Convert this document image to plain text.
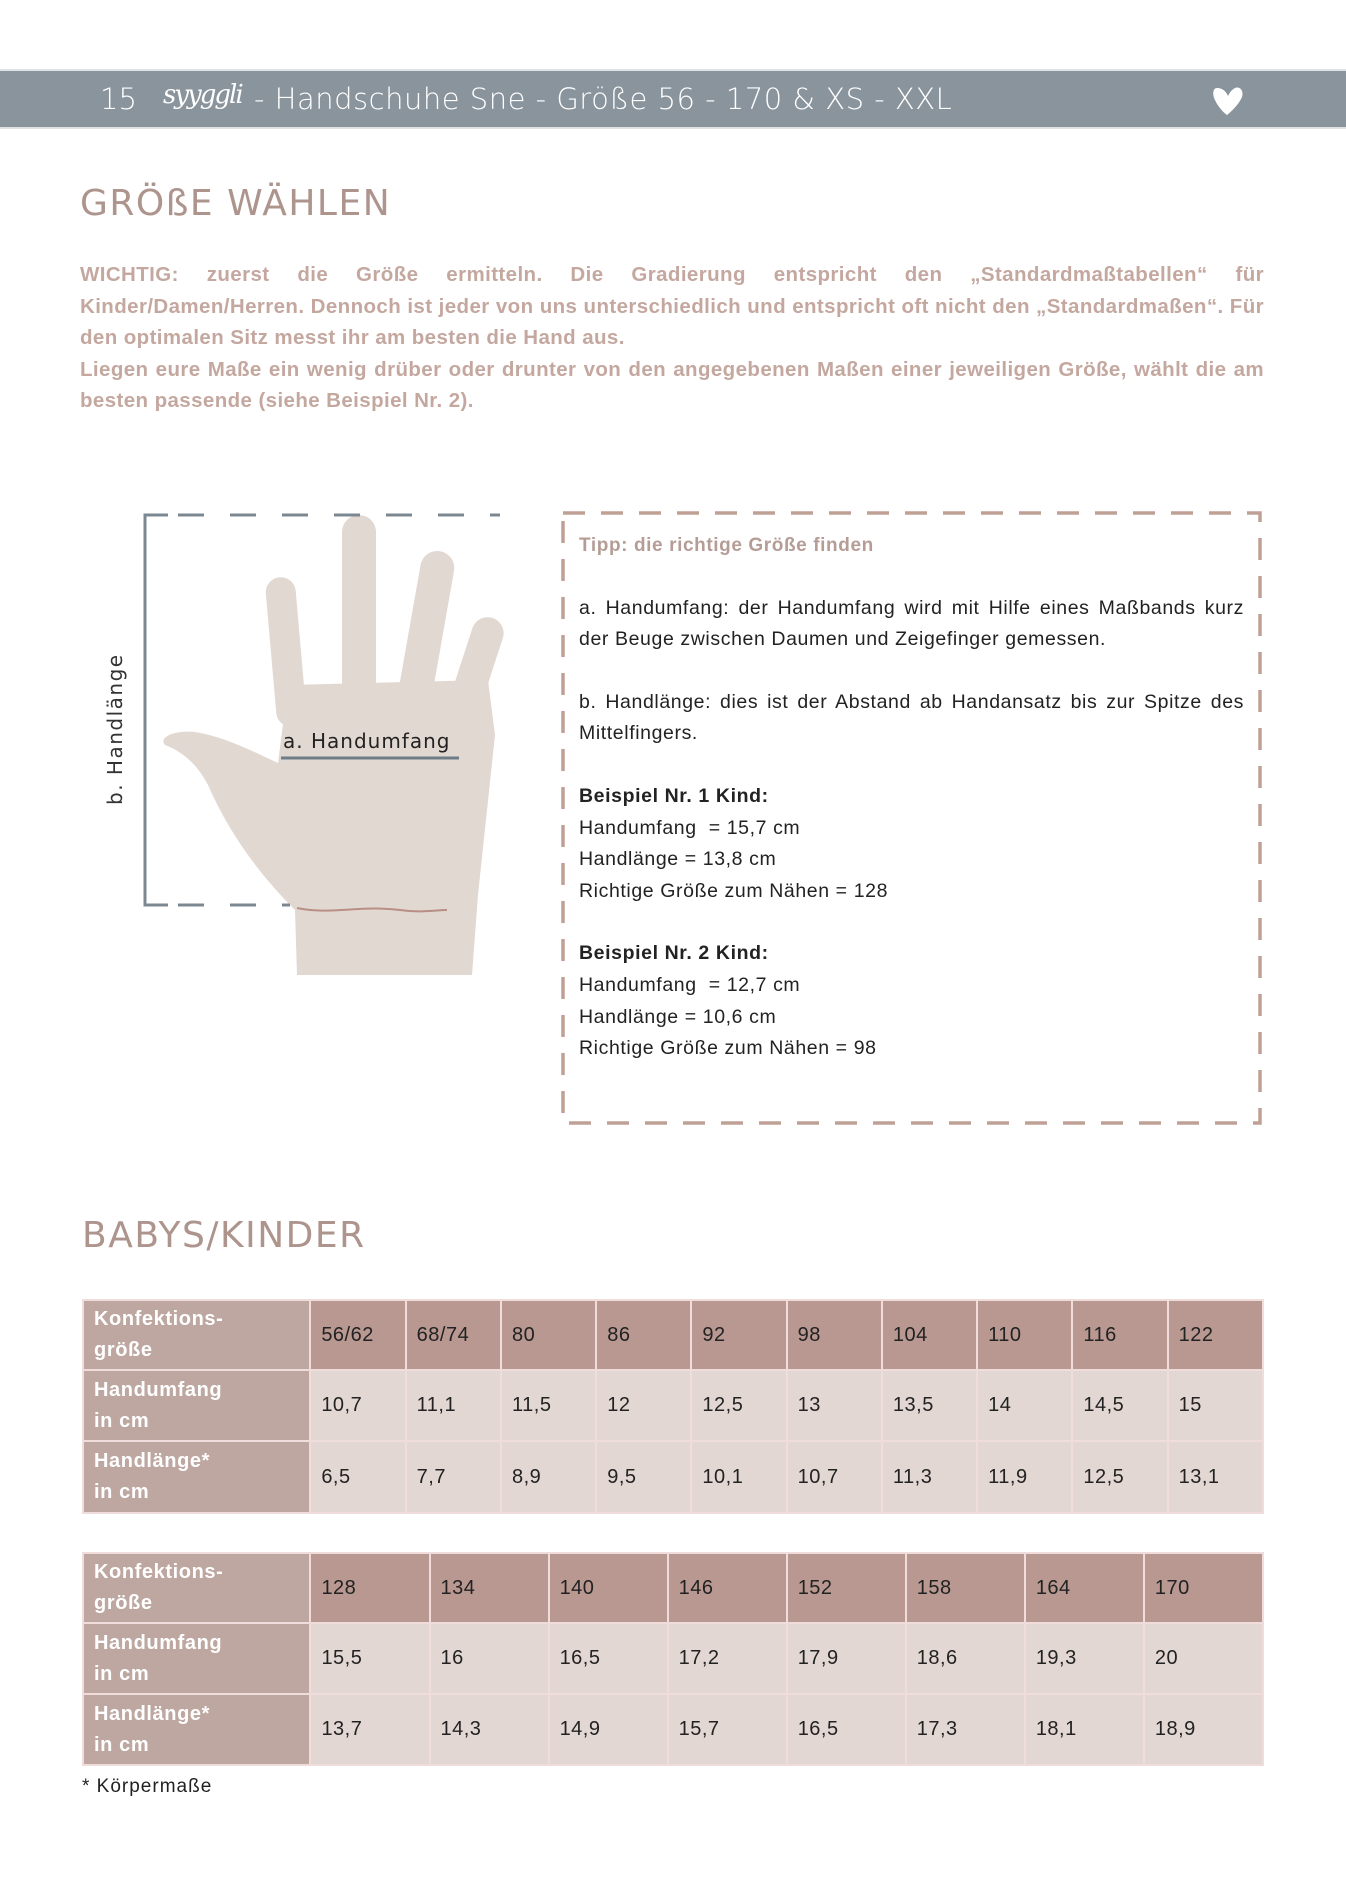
15 syyggli - Handschuhe Sne - Größe 56 - 170 & XS - XXL
GRÖßE WÄHLEN

WICHTIG: zuerst die Größe ermitteln. Die Gradierung entspricht den „Standardmaßtabellen“ für Kinder/Damen/Herren. Dennoch ist jeder von uns unterschiedlich und entspricht oft nicht den „Standardmaßen“. Für den optimalen Sitz messt ihr am besten die Hand aus.

Liegen eure Maße ein wenig drüber oder drunter von den angegebenen Maßen einer jeweiligen Größe, wählt die am besten passende (siehe Beispiel Nr. 2).

b. Handlänge	a. Handumfang
Tipp: die richtige Größe finden

a. Handumfang: der Handumfang wird mit Hilfe eines Maßbands kurz der Beuge zwischen Daumen und Zeigefinger gemessen.

b. Handlänge: dies ist der Abstand ab Handansatz bis zur Spitze des Mittelfingers.

Beispiel Nr. 1 Kind:

Handumfang  = 15,7 cm

Handlänge = 13,8 cm

Richtige Größe zum Nähen = 128

Beispiel Nr. 2 Kind:

Handumfang  = 12,7 cm

Handlänge = 10,6 cm

Richtige Größe zum Nähen = 98

BABYS/KINDER
Konfektions-
größe	56/62	68/74	80	86	92	98	104	110	116	122
Handumfang
in cm	10,7	11,1	11,5	12	12,5	13	13,5	14	14,5	15
Handlänge*
in cm	6,5	7,7	8,9	9,5	10,1	10,7	11,3	11,9	12,5	13,1
Konfektions-
größe	128	134	140	146	152	158	164	170
Handumfang
in cm	15,5	16	16,5	17,2	17,9	18,6	19,3	20
Handlänge*
in cm	13,7	14,3	14,9	15,7	16,5	17,3	18,1	18,9
* Körpermaße
